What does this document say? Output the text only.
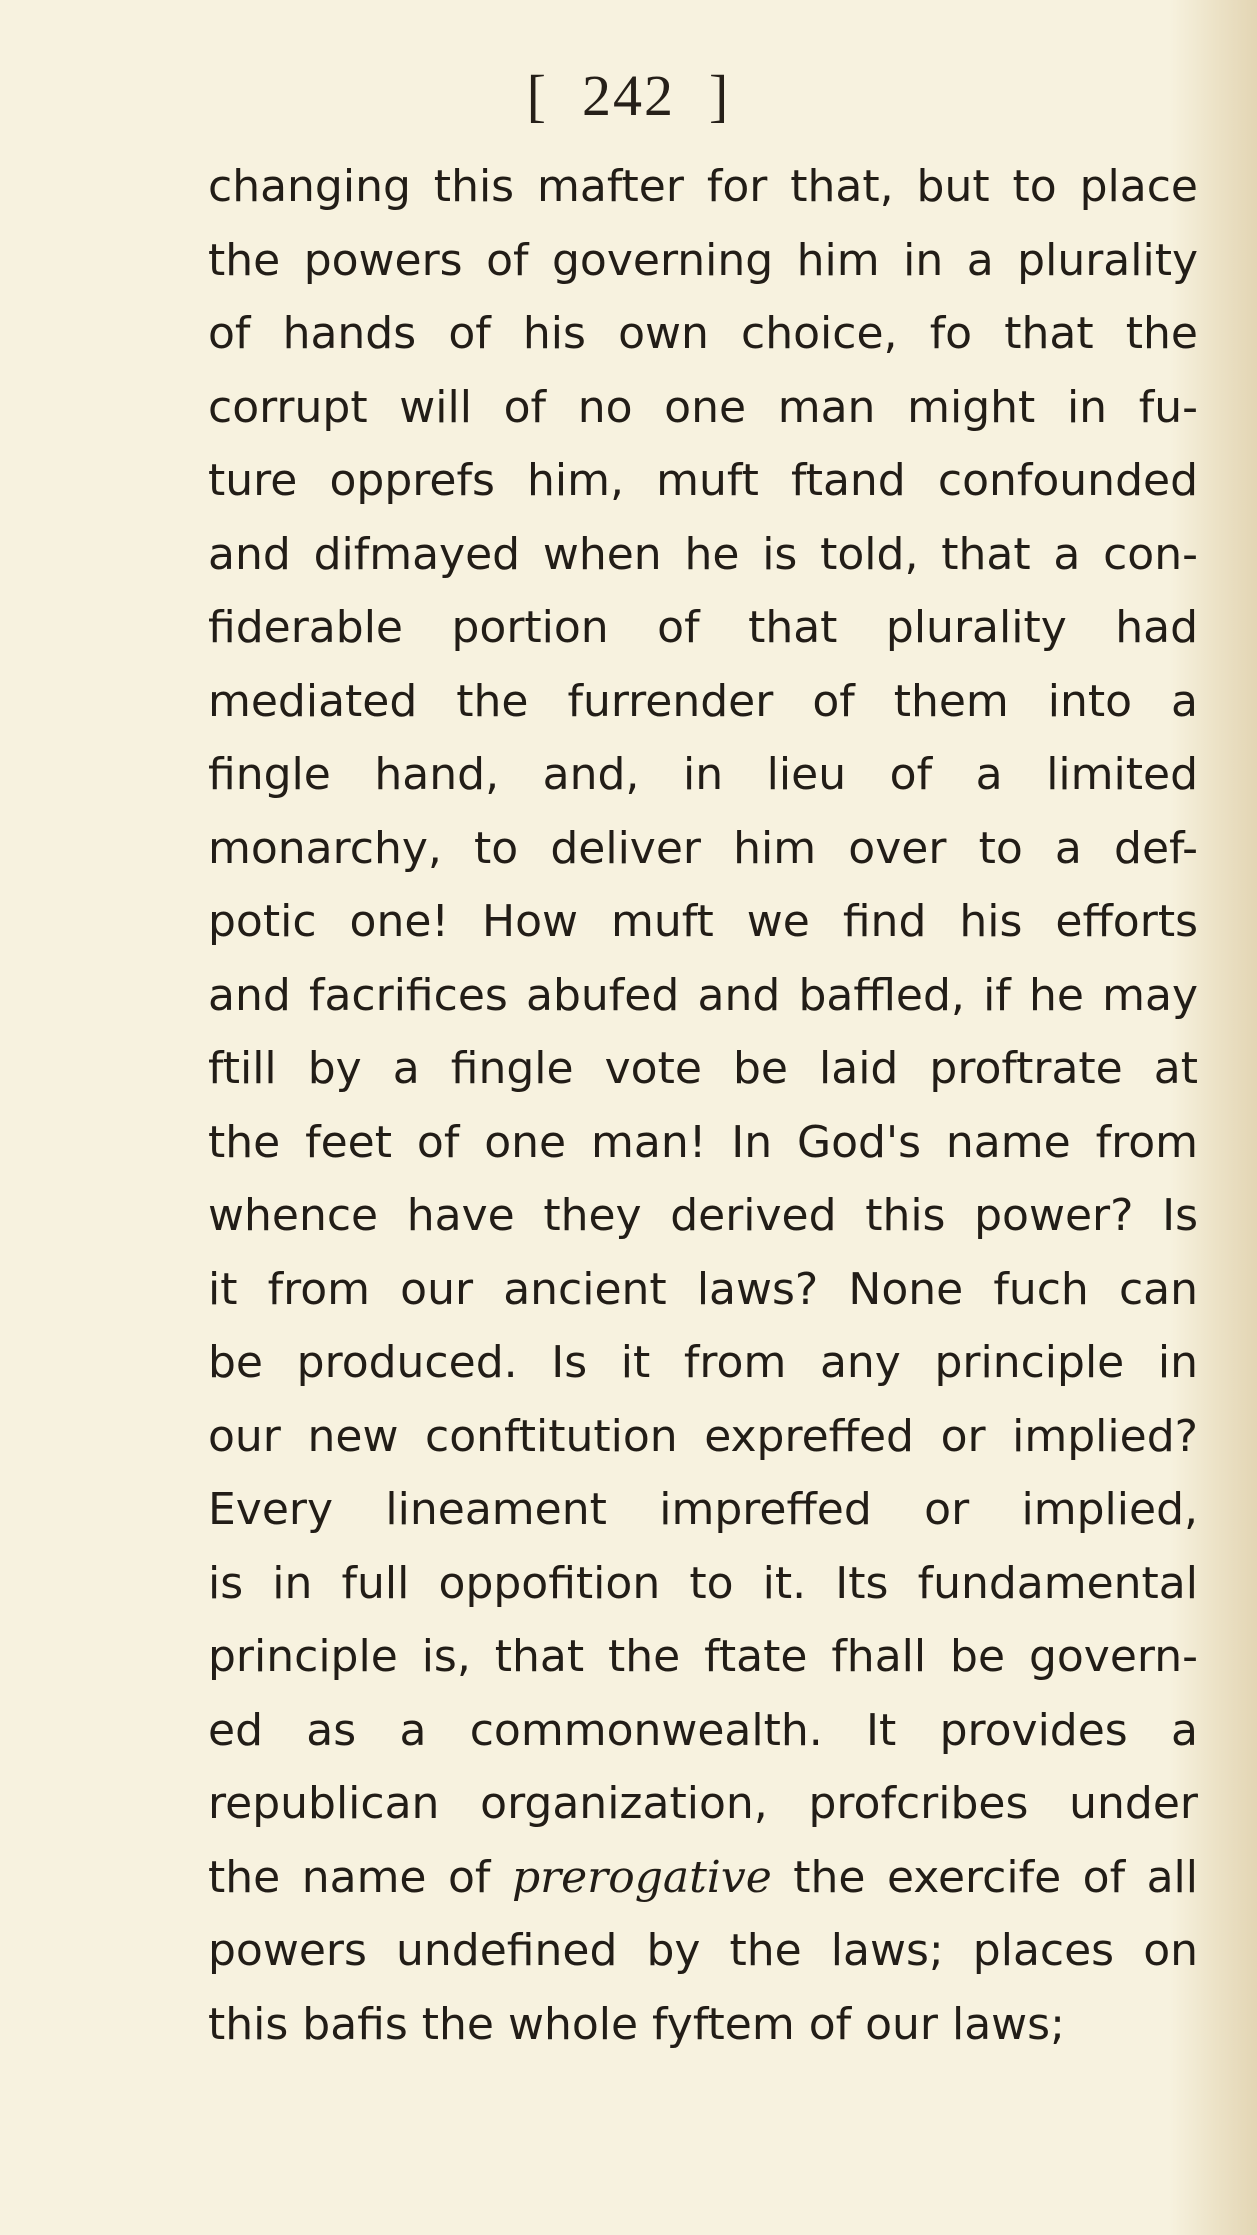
[ 242 ]
changing this mafter for that, but to place
the powers of governing him in a plurality
of hands of his own choice, fo that the
corrupt will of no one man might in fu-
ture opprefs him, muft ftand confounded
and difmayed when he is told, that a con-
fiderable portion of that plurality had
mediated the furrender of them into a
fingle hand, and, in lieu of a limited
monarchy, to deliver him over to a def-
potic one! How muft we find his efforts
and facrifices abufed and baffled, if he may
ftill by a fingle vote be laid proftrate at
the feet of one man! In God's name from
whence have they derived this power? Is
it from our ancient laws? None fuch can
be produced. Is it from any principle in
our new conftitution expreffed or implied?
Every lineament impreffed or implied,
is in full oppofition to it. Its fundamental
principle is, that the ftate fhall be govern-
ed as a commonwealth. It provides a
republican organization, profcribes under
the name of prerogative the exercife of all
powers undefined by the laws; places on
this bafis the whole fyftem of our laws;
